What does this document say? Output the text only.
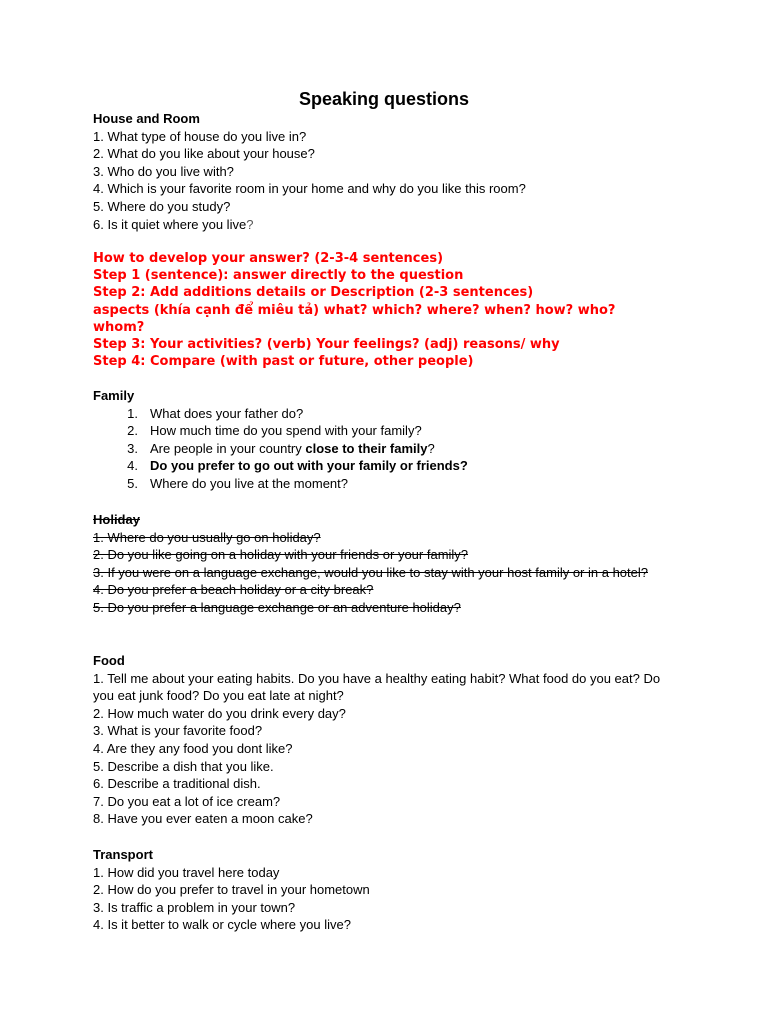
Speaking questions
House and Room
1. What type of house do you live in?
2. What do you like about your house?
3. Who do you live with?
4. Which is your favorite room in your home and why do you like this room?
5. Where do you study?
6. Is it quiet where you live?
How to develop your answer? (2-3-4 sentences)
Step 1 (sentence): answer directly to the question
Step 2: Add additions details or Description (2-3 sentences)
aspects (khía cạnh để miêu tả) what? which? where? when? how? who? whom?
Step 3: Your activities? (verb) Your feelings? (adj) reasons/ why
Step 4: Compare (with past or future, other people)
Family
1. What does your father do?
2. How much time do you spend with your family?
3. Are people in your country close to their family?
4. Do you prefer to go out with your family or friends?
5. Where do you live at the moment?
Holiday
1. Where do you usually go on holiday?
2. Do you like going on a holiday with your friends or your family?
3. If you were on a language exchange, would you like to stay with your host family or in a hotel?
4. Do you prefer a beach holiday or a city break?
5. Do you prefer a language exchange or an adventure holiday?
Food
1. Tell me about your eating habits. Do you have a healthy eating habit? What food do you eat? Do you eat junk food? Do you eat late at night?
2. How much water do you drink every day?
3. What is your favorite food?
4. Are they any food you dont like?
5. Describe a dish that you like.
6. Describe a traditional dish.
7. Do you eat a lot of ice cream?
8. Have you ever eaten a moon cake?
Transport
1. How did you travel here today
2. How do you prefer to travel in your hometown
3. Is traffic a problem in your town?
4. Is it better to walk or cycle where you live?
